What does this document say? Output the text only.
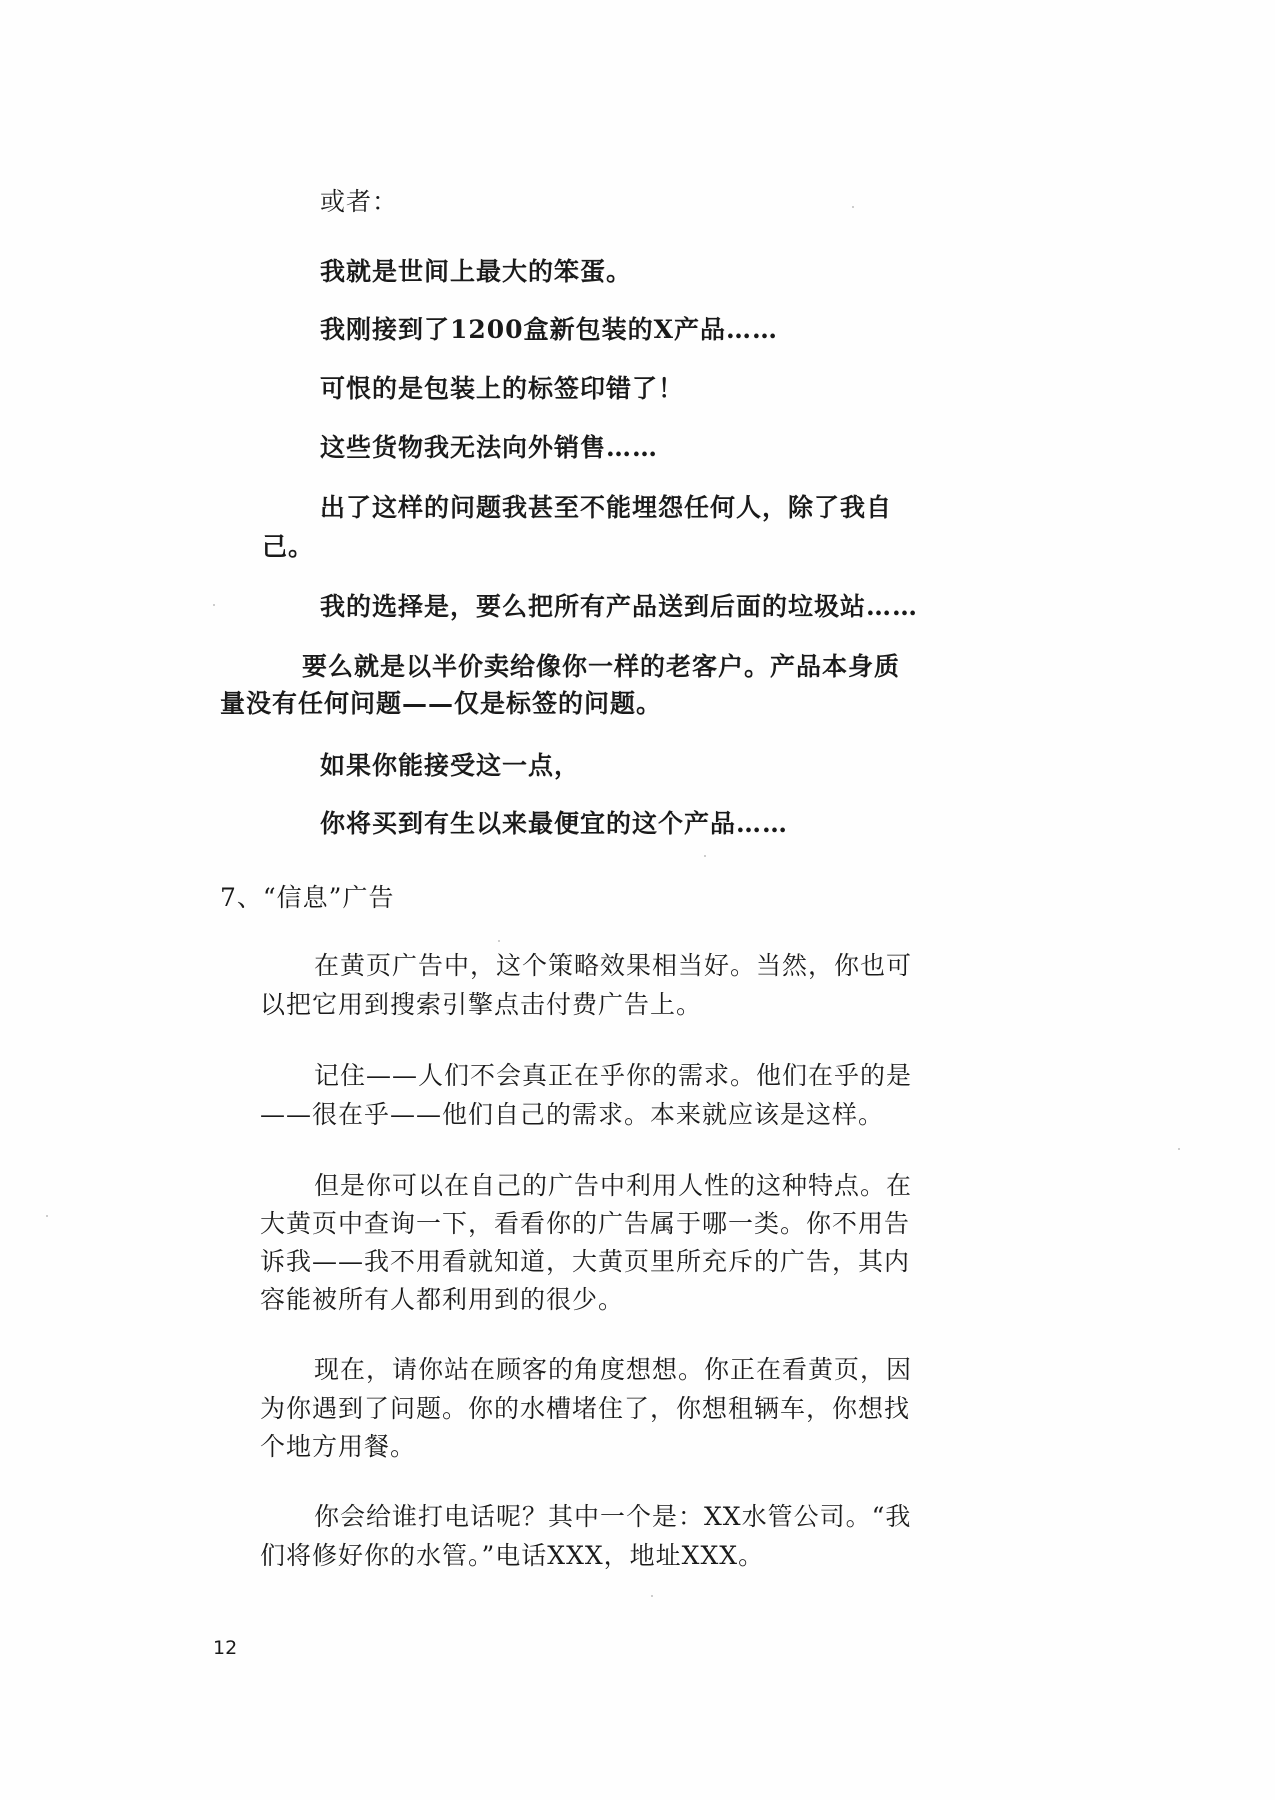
或者：

我就是世间上最大的笨蛋。

我刚接到了1200盒新包装的X产品……

可恨的是包装上的标签印错了！

这些货物我无法向外销售……

出了这样的问题我甚至不能埋怨任何人，除了我自

己。

我的选择是，要么把所有产品送到后面的垃圾站……

要么就是以半价卖给像你一样的老客户。产品本身质

量没有任何问题——仅是标签的问题。

如果你能接受这一点，

你将买到有生以来最便宜的这个产品……

7、“信息”广告

在黄页广告中，这个策略效果相当好。当然，你也可

以把它用到搜索引擎点击付费广告上。

记住——人们不会真正在乎你的需求。他们在乎的是

——很在乎——他们自己的需求。本来就应该是这样。

但是你可以在自己的广告中利用人性的这种特点。在

大黄页中查询一下，看看你的广告属于哪一类。你不用告

诉我——我不用看就知道，大黄页里所充斥的广告，其内

容能被所有人都利用到的很少。

现在，请你站在顾客的角度想想。你正在看黄页，因

为你遇到了问题。你的水槽堵住了，你想租辆车，你想找

个地方用餐。

你会给谁打电话呢？其中一个是：XX水管公司。“我

们将修好你的水管。”电话XXX，地址XXX。

12
